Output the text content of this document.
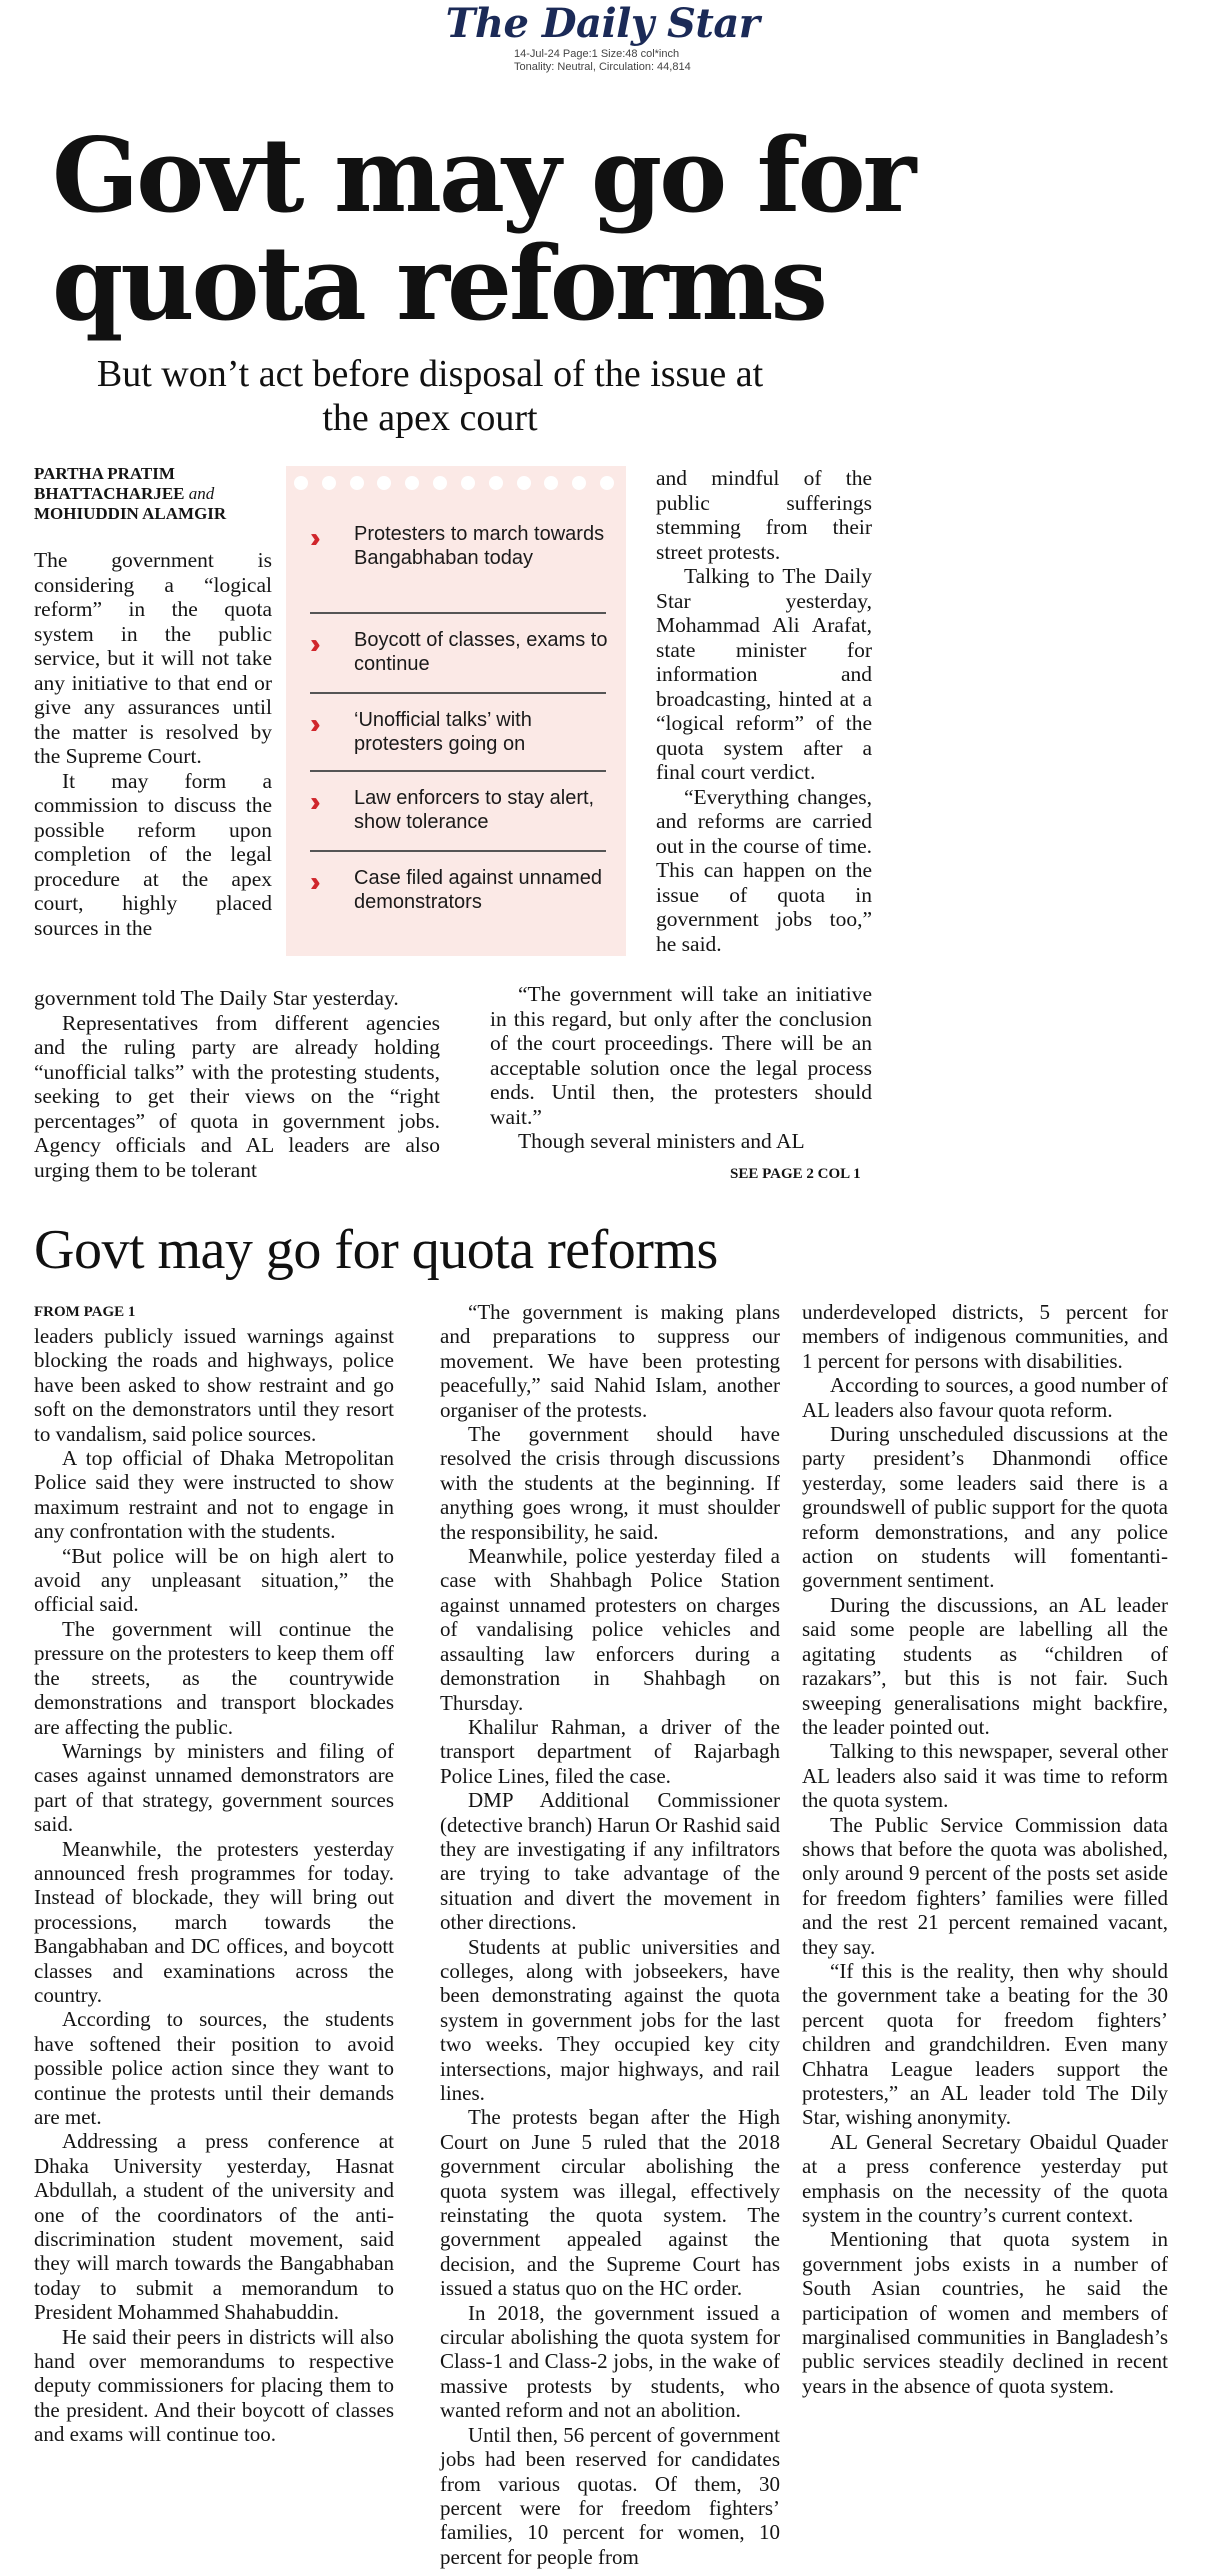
The Daily Star
14-Jul-24 Page:1 Size:48 col*inch
Tonality: Neutral, Circulation: 44,814
Govt may go for quota reforms
But won’t act before disposal of the issue at the apex court
PARTHA PRATIM
BHATTACHARJEE and
MOHIUDDIN ALAMGIR
›› Protesters to march towards Bangabhaban today
›› Boycott of classes, exams to continue
›› ‘Unofficial talks’ with protesters going on
›› Law enforcers to stay alert, show tolerance
›› Case filed against unnamed demonstrators

The government is considering a “logical reform” in the quota system in the public service, but it will not take any initiative to that end or give any assurances until the matter is resolved by the Supreme Court.

It may form a commission to discuss the possible reform upon completion of the legal procedure at the apex court, highly placed sources in the

government told The Daily Star yesterday.

Representatives from different agencies and the ruling party are already holding “unofficial talks” with the protesting students, seeking to get their views on the “right percentages” of quota in government jobs. Agency officials and AL leaders are also urging them to be tolerant

and mindful of the public sufferings stemming from their street protests.

Talking to The Daily Star yesterday, Mohammad Ali Arafat, state minister for information and broadcasting, hinted at a “logical reform” of the quota system after a final court verdict.

“Everything changes, and reforms are carried out in the course of time. This can happen on the issue of quota in government jobs too,” he said.

“The government will take an initiative in this regard, but only after the conclusion of the court proceedings. There will be an acceptable solution once the legal process ends. Until then, the protesters should wait.”

Though several ministers and AL

SEE PAGE 2 COL 1
Govt may go for quota reforms
FROM PAGE 1

leaders publicly issued warnings against blocking the roads and highways, police have been asked to show restraint and go soft on the demonstrators until they resort to vandalism, said police sources.

A top official of Dhaka Metropolitan Police said they were instructed to show maximum restraint and not to engage in any confrontation with the students.

“But police will be on high alert to avoid any unpleasant situation,” the official said.

The government will continue the pressure on the protesters to keep them off the streets, as the countrywide demonstrations and transport blockades are affecting the public.

Warnings by ministers and filing of cases against unnamed demonstrators are part of that strategy, government sources said.

Meanwhile, the protesters yesterday announced fresh programmes for today. Instead of blockade, they will bring out processions, march towards the Bangabhaban and DC offices, and boycott classes and examinations across the country.

According to sources, the students have softened their position to avoid possible police action since they want to continue the protests until their demands are met.

Addressing a press conference at Dhaka University yesterday, Hasnat Abdullah, a student of the university and one of the coordinators of the anti-discrimination student movement, said they will march towards the Bangabhaban today to submit a memorandum to President Mohammed Shahabuddin.

He said their peers in districts will also hand over memorandums to respective deputy commissioners for placing them to the president. And their boycott of classes and exams will continue too.

“The government is making plans and preparations to suppress our movement. We have been protesting peacefully,” said Nahid Islam, another organiser of the protests.

The government should have resolved the crisis through discussions with the students at the beginning. If anything goes wrong, it must shoulder the responsibility, he said.

Meanwhile, police yesterday filed a case with Shahbagh Police Station against unnamed protesters on charges of vandalising police vehicles and assaulting law enforcers during a demonstration in Shahbagh on Thursday.

Khalilur Rahman, a driver of the transport department of Rajarbagh Police Lines, filed the case.

DMP Additional Commissioner (detective branch) Harun Or Rashid said they are investigating if any infiltrators are trying to take advantage of the situation and divert the movement in other directions.

Students at public universities and colleges, along with jobseekers, have been demonstrating against the quota system in government jobs for the last two weeks. They occupied key city intersections, major highways, and rail lines.

The protests began after the High Court on June 5 ruled that the 2018 government circular abolishing the quota system was illegal, effectively reinstating the quota system. The government appealed against the decision, and the Supreme Court has issued a status quo on the HC order.

In 2018, the government issued a circular abolishing the quota system for Class-1 and Class-2 jobs, in the wake of massive protests by students, who wanted reform and not an abolition.

Until then, 56 percent of government jobs had been reserved for candidates from various quotas. Of them, 30 percent were for freedom fighters’ families, 10 percent for women, 10 percent for people from

underdeveloped districts, 5 percent for members of indigenous communities, and 1 percent for persons with disabilities.

According to sources, a good number of AL leaders also favour quota reform.

During unscheduled discussions at the party president’s Dhanmondi office yesterday, some leaders said there is a groundswell of public support for the quota reform demonstrations, and any police action on students will fomentanti-government sentiment.

During the discussions, an AL leader said some people are labelling all the agitating students as “children of razakars”, but this is not fair. Such sweeping generalisations might backfire, the leader pointed out.

Talking to this newspaper, several other AL leaders also said it was time to reform the quota system.

The Public Service Commission data shows that before the quota was abolished, only around 9 percent of the posts set aside for freedom fighters’ families were filled and the rest 21 percent remained vacant, they say.

“If this is the reality, then why should the government take a beating for the 30 percent quota for freedom fighters’ children and grandchildren. Even many Chhatra League leaders support the protesters,” an AL leader told The Dily Star, wishing anonymity.

AL General Secretary Obaidul Quader at a press conference yesterday put emphasis on the necessity of the quota system in the country’s current context.

Mentioning that quota system in government jobs exists in a number of South Asian countries, he said the participation of women and members of marginalised communities in Bangladesh’s public services steadily declined in recent years in the absence of quota system.
